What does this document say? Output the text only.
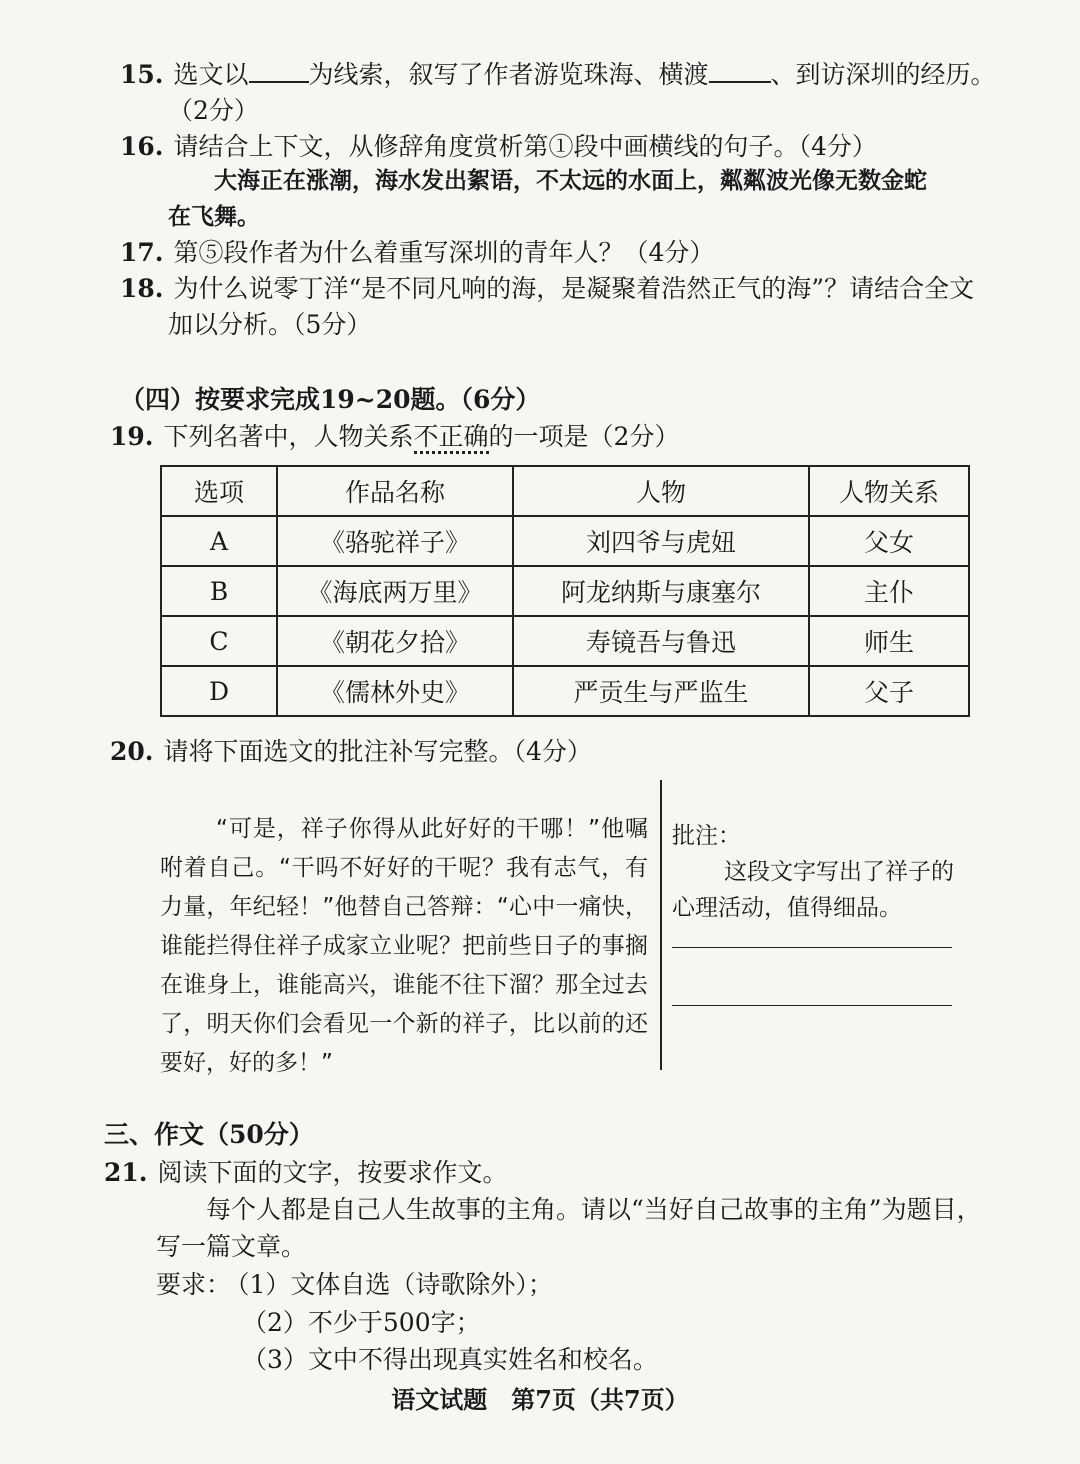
15. 选文以 为线索，叙写了作者游览珠海、横渡 、到访深圳的经历。
（2分）
16. 请结合上下文，从修辞角度赏析第①段中画横线的句子。（4分）
大海正在涨潮，海水发出絮语，不太远的水面上，粼粼波光像无数金蛇
在飞舞。
17. 第⑤段作者为什么着重写深圳的青年人？（4分）
18. 为什么说零丁洋“是不同凡响的海，是凝聚着浩然正气的海”？请结合全文
加以分析。（5分）
（四）按要求完成19~20题。（6分）
19. 下列名著中，人物关系不正确的一项是（2分）
选项	作品名称	人物	人物关系
A	《骆驼祥子》	刘四爷与虎妞	父女
B	《海底两万里》	阿龙纳斯与康塞尔	主仆
C	《朝花夕拾》	寿镜吾与鲁迅	师生
D	《儒林外史》	严贡生与严监生	父子
20. 请将下面选文的批注补写完整。（4分）
“可是，祥子你得从此好好的干哪！”他嘱咐着自己。“干吗不好好的干呢？我有志气，有力量，年纪轻！”他替自己答辩：“心中一痛快，谁能拦得住祥子成家立业呢？把前些日子的事搁在谁身上，谁能高兴，谁能不往下溜？那全过去了，明天你们会看见一个新的祥子，比以前的还要好，好的多！”
批注：
这段文字写出了祥子的心理活动，值得细品。
三、作文（50分）
21. 阅读下面的文字，按要求作文。
每个人都是自己人生故事的主角。请以“当好自己故事的主角”为题目，
写一篇文章。
要求： （1）文体自选（诗歌除外）；
（2）不少于500字；
（3）文中不得出现真实姓名和校名。
语文试题　第7页（共7页）
